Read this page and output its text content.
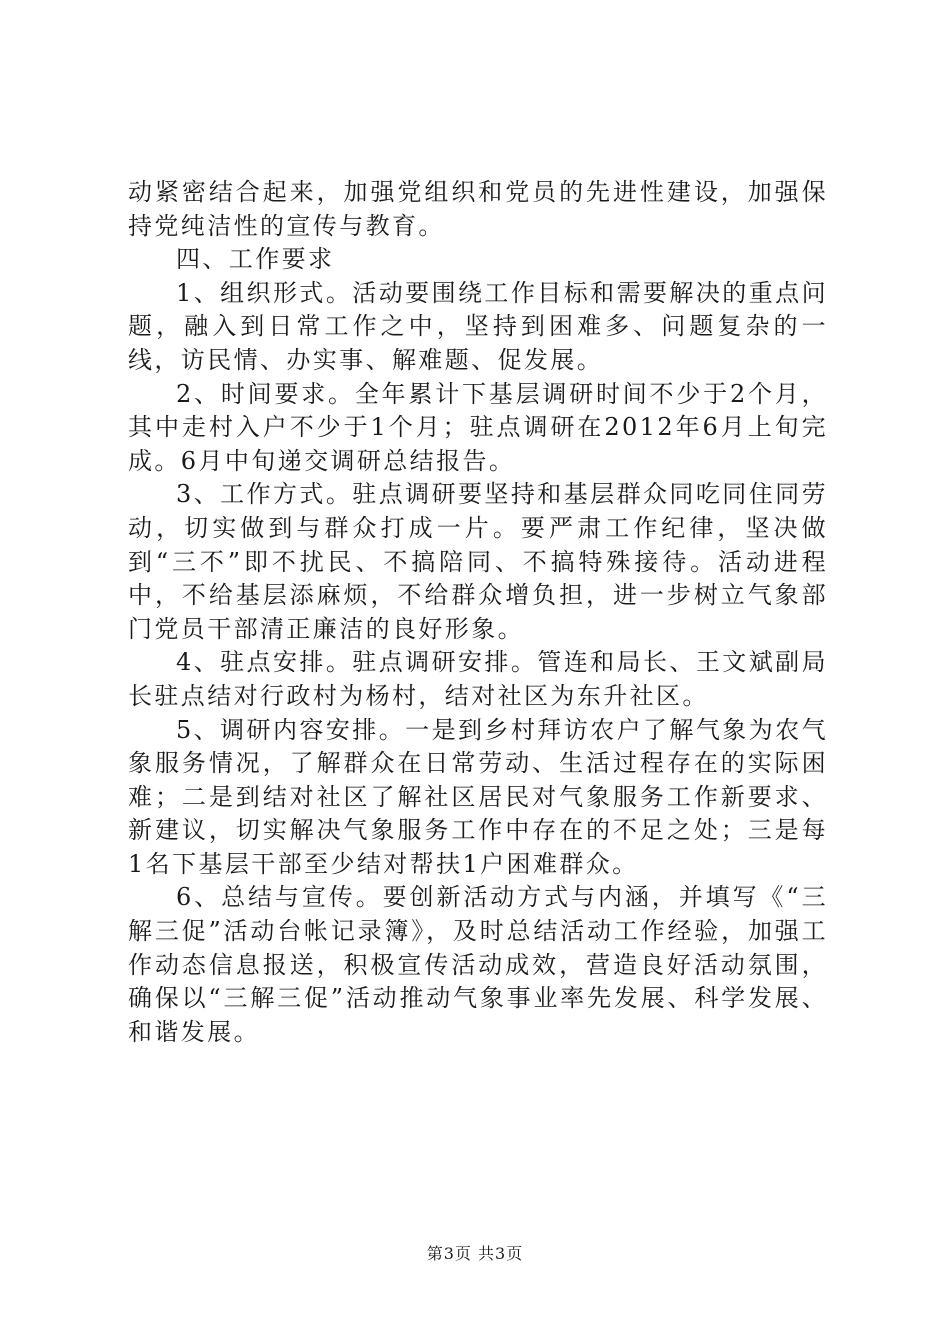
动紧密结合起来，加强党组织和党员的先进性建设，加强保持党纯洁性的宣传与教育。

四、工作要求

1、组织形式。活动要围绕工作目标和需要解决的重点问题，融入到日常工作之中，坚持到困难多、问题复杂的一线，访民情、办实事、解难题、促发展。

2、时间要求。全年累计下基层调研时间不少于2个月，其中走村入户不少于1个月；驻点调研在2012年6月上旬完成。6月中旬递交调研总结报告。

3、工作方式。驻点调研要坚持和基层群众同吃同住同劳动，切实做到与群众打成一片。要严肃工作纪律，坚决做到“三不”即不扰民、不搞陪同、不搞特殊接待。活动进程中，不给基层添麻烦，不给群众增负担，进一步树立气象部门党员干部清正廉洁的良好形象。

4、驻点安排。驻点调研安排。管连和局长、王文斌副局长驻点结对行政村为杨村，结对社区为东升社区。

5、调研内容安排。一是到乡村拜访农户了解气象为农气象服务情况，了解群众在日常劳动、生活过程存在的实际困难；二是到结对社区了解社区居民对气象服务工作新要求、新建议，切实解决气象服务工作中存在的不足之处；三是每1名下基层干部至少结对帮扶1户困难群众。

6、总结与宣传。要创新活动方式与内涵，并填写《“三解三促”活动台帐记录簿》，及时总结活动工作经验，加强工作动态信息报送，积极宣传活动成效，营造良好活动氛围，确保以“三解三促”活动推动气象事业率先发展、科学发展、和谐发展。

第3页 共3页
